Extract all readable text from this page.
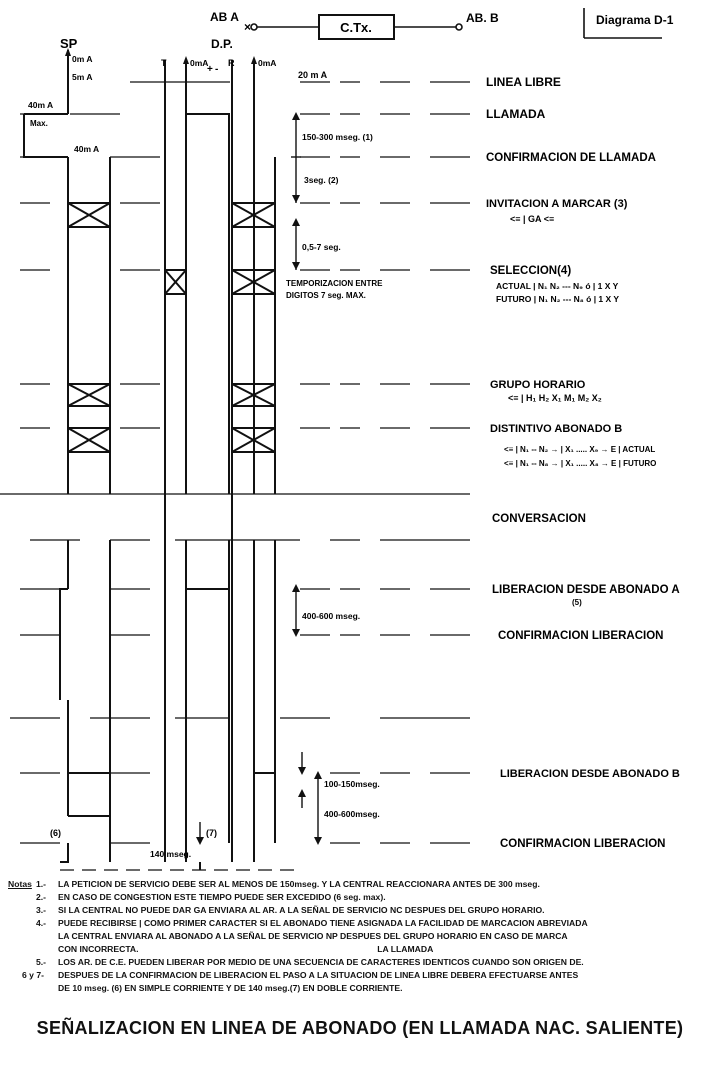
AB A
×	C.Tx.
AB. B	Diagrama D-1
SP	D.P.
T	R
+ -
0m A
5m A
0mA	0mA
20 m A
40m A
Max.
40m A
LINEA LIBRE
LLAMADA
CONFIRMACION DE LLAMADA
INVITACION A MARCAR (3)
<≡ | GA <≡
SELECCION(4)
ACTUAL | N₁ N₂ --- N₉ ó | 1 X Y
FUTURO | N₁ N₂ --- N₈ ó | 1 X Y
GRUPO HORARIO
<≡ | H₁ H₂ X₁ M₁ M₂ X₂
DISTINTIVO ABONADO B
<≡ | N₁ -- N₂ → | X₁ ..... X₉ → E | ACTUAL
<≡ | N₁ -- N₈ → | X₁ ..... X₈ → E | FUTURO
CONVERSACION
LIBERACION DESDE ABONADO A
(5)
CONFIRMACION LIBERACION
LIBERACION DESDE ABONADO B
CONFIRMACION LIBERACION
150-300 mseg. (1)
3seg. (2)
0,5-7 seg.
TEMPORIZACION ENTRE
DIGITOS 7 seg. MAX.
400-600 mseg.
100-150mseg.
400-600mseg.
140 mseg.
(6)	(7)
Notas 1.- LA PETICION DE SERVICIO DEBE SER AL MENOS DE 150mseg. Y LA CENTRAL REACCIONARA ANTES DE 300 mseg.
2.- EN CASO DE CONGESTION ESTE TIEMPO PUEDE SER EXCEDIDO (6 seg. max).
3.- SI LA CENTRAL NO PUEDE DAR GA ENVIARA AL AR. A LA SEÑAL DE SERVICIO NC DESPUES DEL GRUPO HORARIO.
4.- PUEDE RECIBIRSE | COMO PRIMER CARACTER SI EL ABONADO TIENE ASIGNADA LA FACILIDAD DE MARCACION ABREVIADA
LA CENTRAL ENVIARA AL ABONADO A LA SEÑAL DE SERVICIO NP DESPUES DEL GRUPO HORARIO EN CASO DE MARCA
CON INCORRECTA.                                                                                                    LA LLAMADA
5.- LOS AR. DE C.E. PUEDEN LIBERAR POR MEDIO DE UNA SECUENCIA DE CARACTERES IDENTICOS CUANDO SON ORIGEN DE.
6 y 7- DESPUES DE LA CONFIRMACION DE LIBERACION EL PASO A LA SITUACION DE LINEA LIBRE DEBERA EFECTUARSE ANTES
DE 10 mseg. (6) EN SIMPLE CORRIENTE Y DE 140 mseg.(7) EN DOBLE CORRIENTE.
SEÑALIZACION EN LINEA DE ABONADO (EN LLAMADA NAC. SALIENTE)
